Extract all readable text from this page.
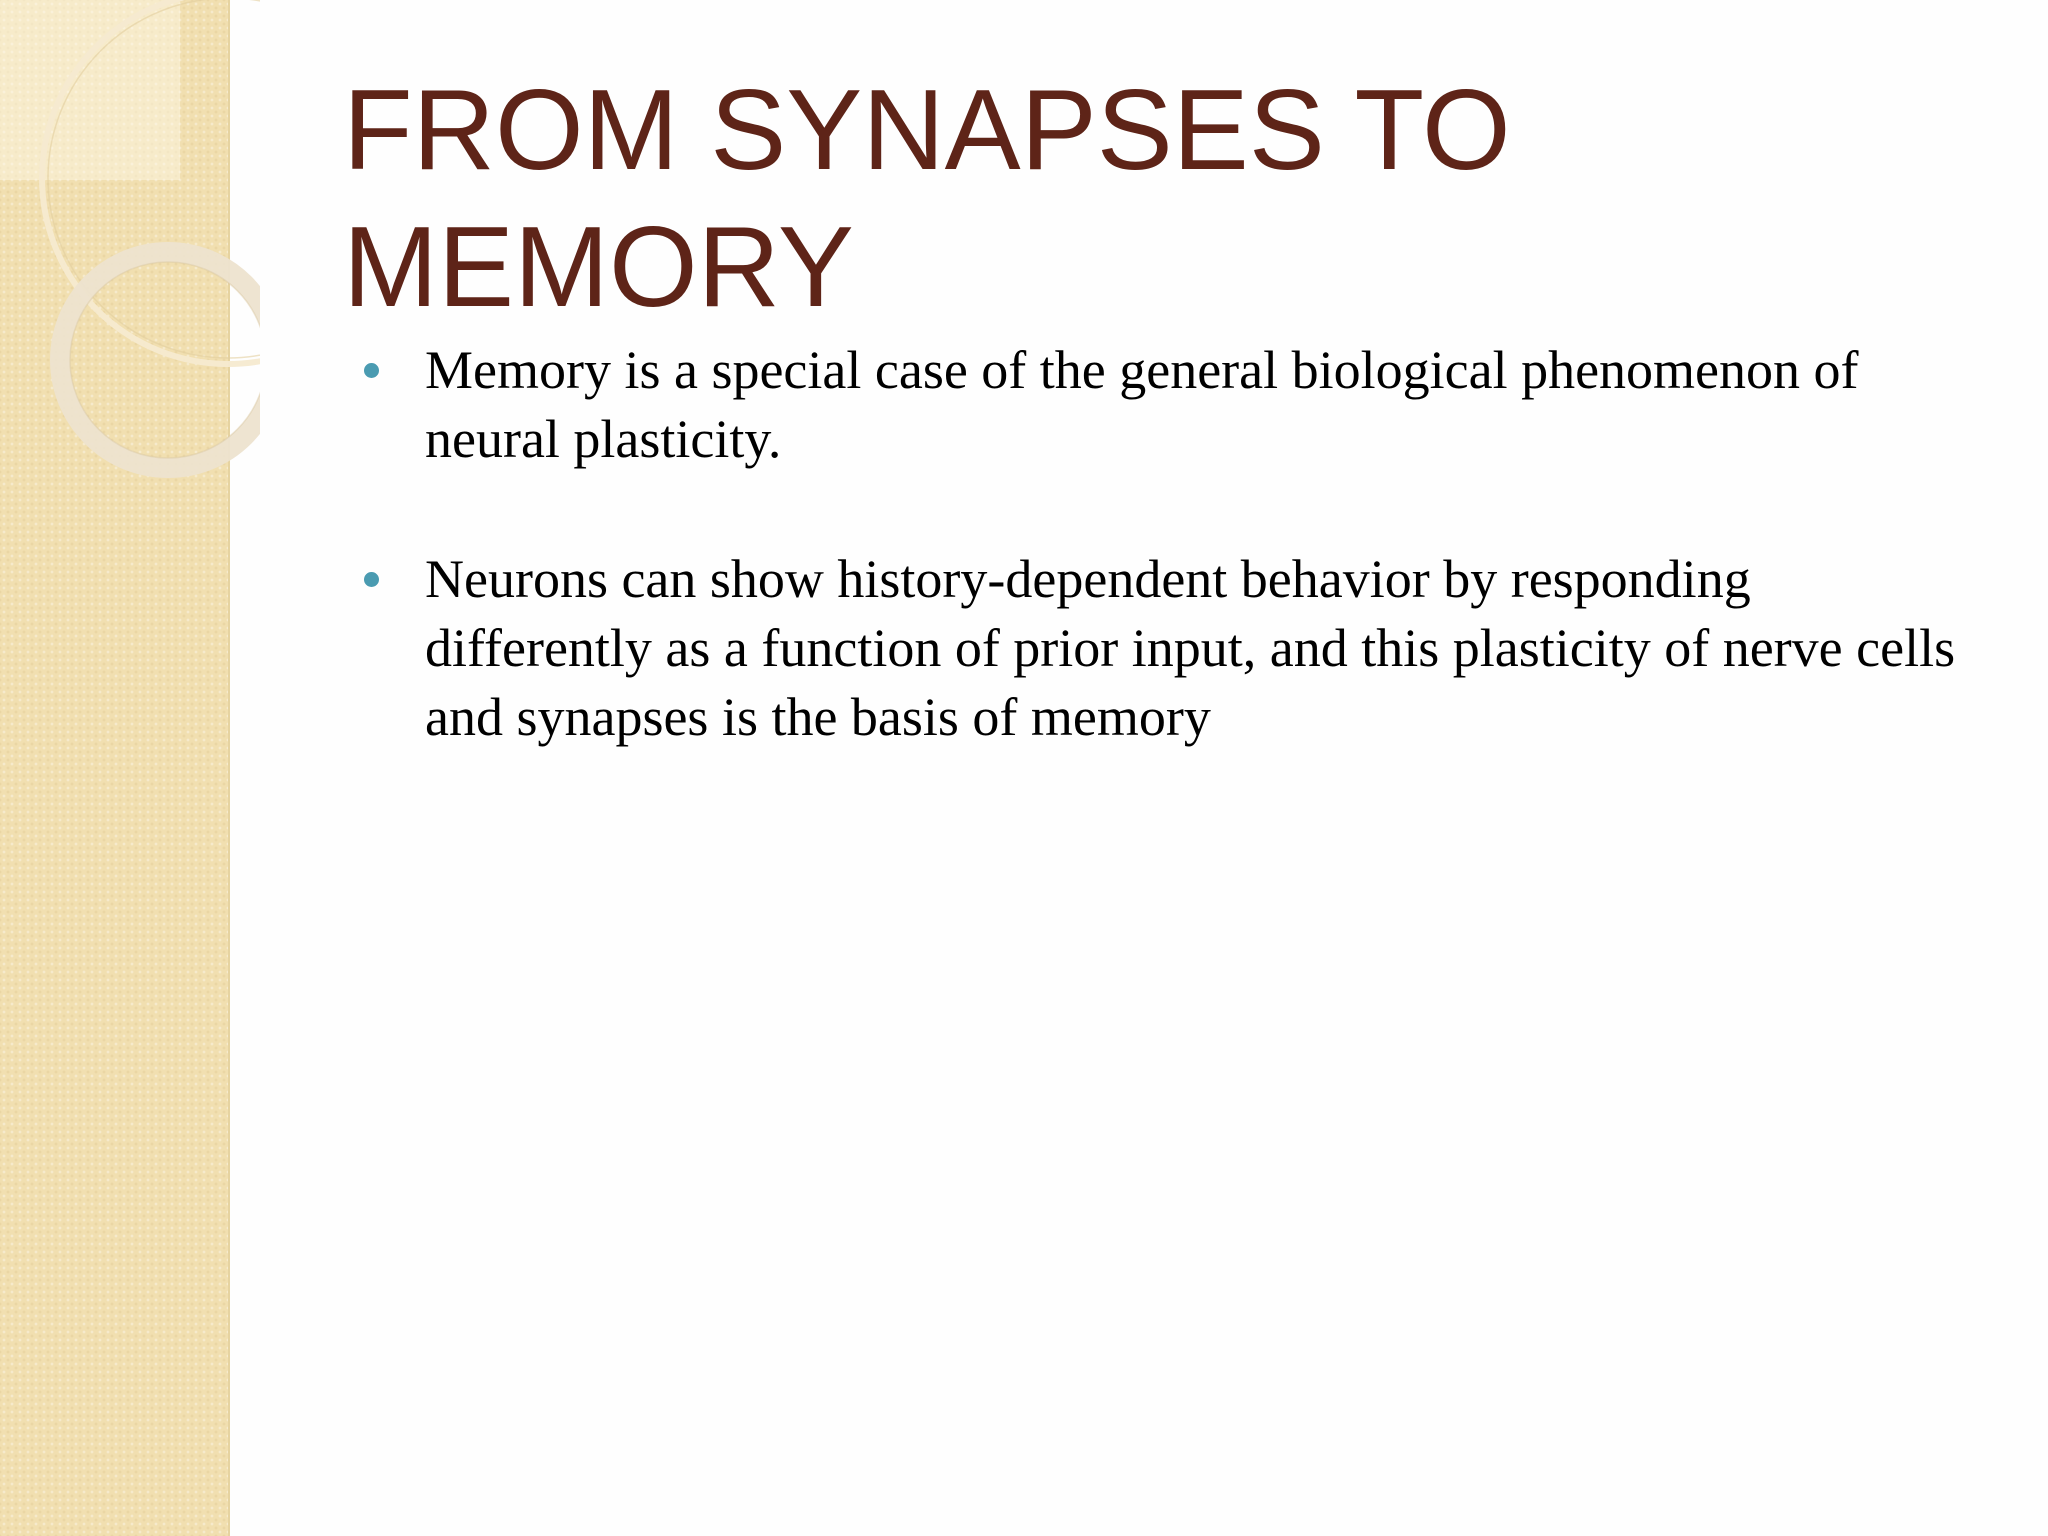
FROM SYNAPSES TO MEMORY
Memory is a special case of the general biological phenomenon of neural plasticity.
Neurons can show history-dependent behavior by responding differently as a function of prior input, and this plasticity of nerve cells and synapses is the basis of memory
